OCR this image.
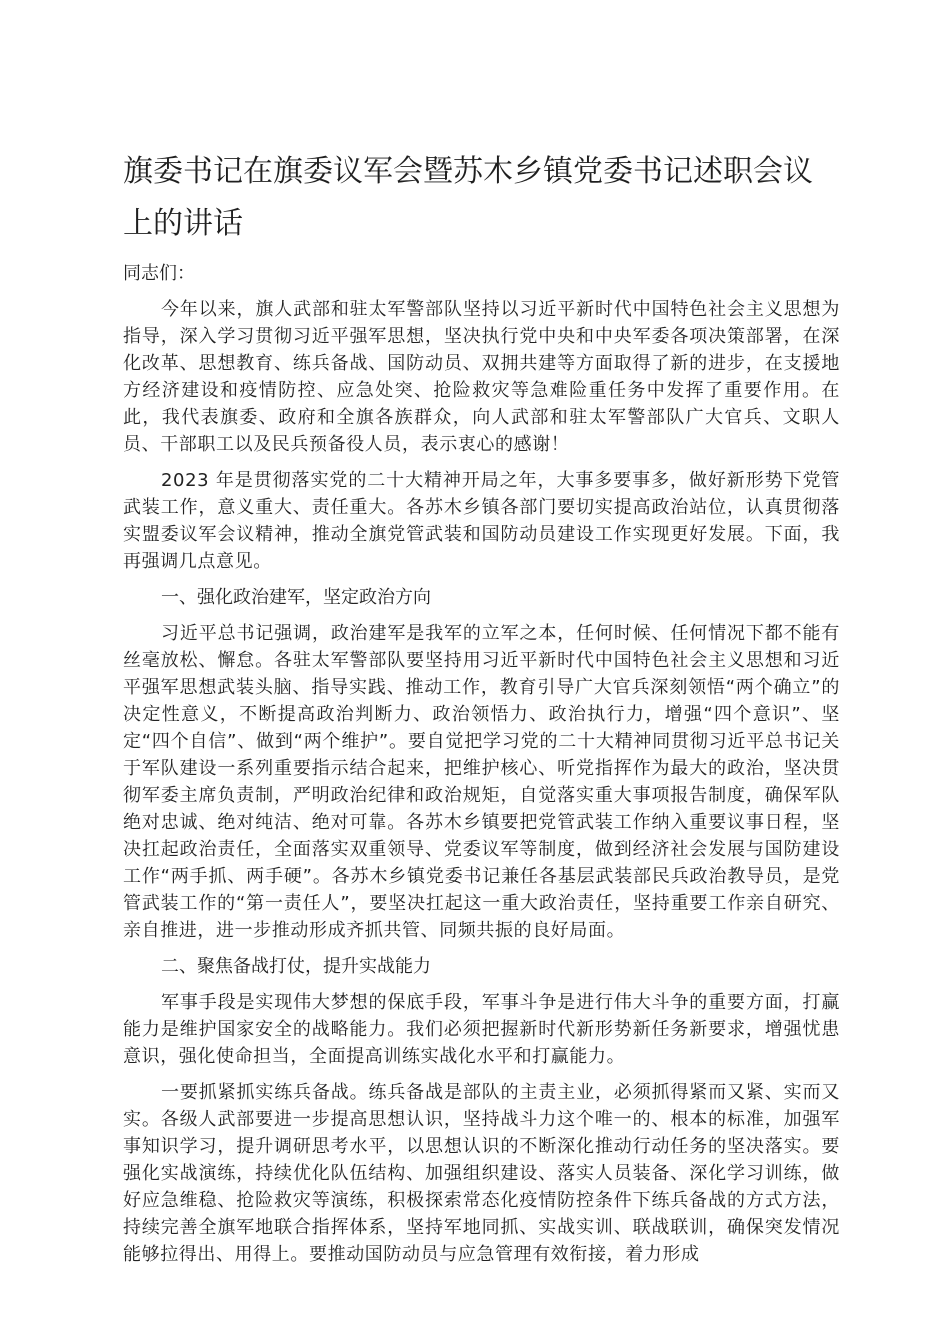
旗委书记在旗委议军会暨苏木乡镇党委书记述职会议上的讲话

同志们：

今年以来，旗人武部和驻太军警部队坚持以习近平新时代中国特色社会主义思想为指导，深入学习贯彻习近平强军思想，坚决执行党中央和中央军委各项决策部署，在深化改革、思想教育、练兵备战、国防动员、双拥共建等方面取得了新的进步，在支援地方经济建设和疫情防控、应急处突、抢险救灾等急难险重任务中发挥了重要作用。在此，我代表旗委、政府和全旗各族群众，向人武部和驻太军警部队广大官兵、文职人员、干部职工以及民兵预备役人员，表示衷心的感谢！

2023 年是贯彻落实党的二十大精神开局之年，大事多要事多，做好新形势下党管武装工作，意义重大、责任重大。各苏木乡镇各部门要切实提高政治站位，认真贯彻落实盟委议军会议精神，推动全旗党管武装和国防动员建设工作实现更好发展。下面，我再强调几点意见。

一、强化政治建军，坚定政治方向

习近平总书记强调，政治建军是我军的立军之本，任何时候、任何情况下都不能有丝毫放松、懈怠。各驻太军警部队要坚持用习近平新时代中国特色社会主义思想和习近平强军思想武装头脑、指导实践、推动工作，教育引导广大官兵深刻领悟“两个确立”的决定性意义，不断提高政治判断力、政治领悟力、政治执行力，增强“四个意识”、坚定“四个自信”、做到“两个维护”。要自觉把学习党的二十大精神同贯彻习近平总书记关于军队建设一系列重要指示结合起来，把维护核心、听党指挥作为最大的政治，坚决贯彻军委主席负责制，严明政治纪律和政治规矩，自觉落实重大事项报告制度，确保军队绝对忠诚、绝对纯洁、绝对可靠。各苏木乡镇要把党管武装工作纳入重要议事日程，坚决扛起政治责任，全面落实双重领导、党委议军等制度，做到经济社会发展与国防建设工作“两手抓、两手硬”。各苏木乡镇党委书记兼任各基层武装部民兵政治教导员，是党管武装工作的“第一责任人”，要坚决扛起这一重大政治责任，坚持重要工作亲自研究、亲自推进，进一步推动形成齐抓共管、同频共振的良好局面。

二、聚焦备战打仗，提升实战能力

军事手段是实现伟大梦想的保底手段，军事斗争是进行伟大斗争的重要方面，打赢能力是维护国家安全的战略能力。我们必须把握新时代新形势新任务新要求，增强忧患意识，强化使命担当，全面提高训练实战化水平和打赢能力。

一要抓紧抓实练兵备战。练兵备战是部队的主责主业，必须抓得紧而又紧、实而又实。各级人武部要进一步提高思想认识，坚持战斗力这个唯一的、根本的标准，加强军事知识学习，提升调研思考水平，以思想认识的不断深化推动行动任务的坚决落实。要强化实战演练，持续优化队伍结构、加强组织建设、落实人员装备、深化学习训练，做好应急维稳、抢险救灾等演练，积极探索常态化疫情防控条件下练兵备战的方式方法，持续完善全旗军地联合指挥体系，坚持军地同抓、实战实训、联战联训，确保突发情况能够拉得出、用得上。要推动国防动员与应急管理有效衔接，着力形成
